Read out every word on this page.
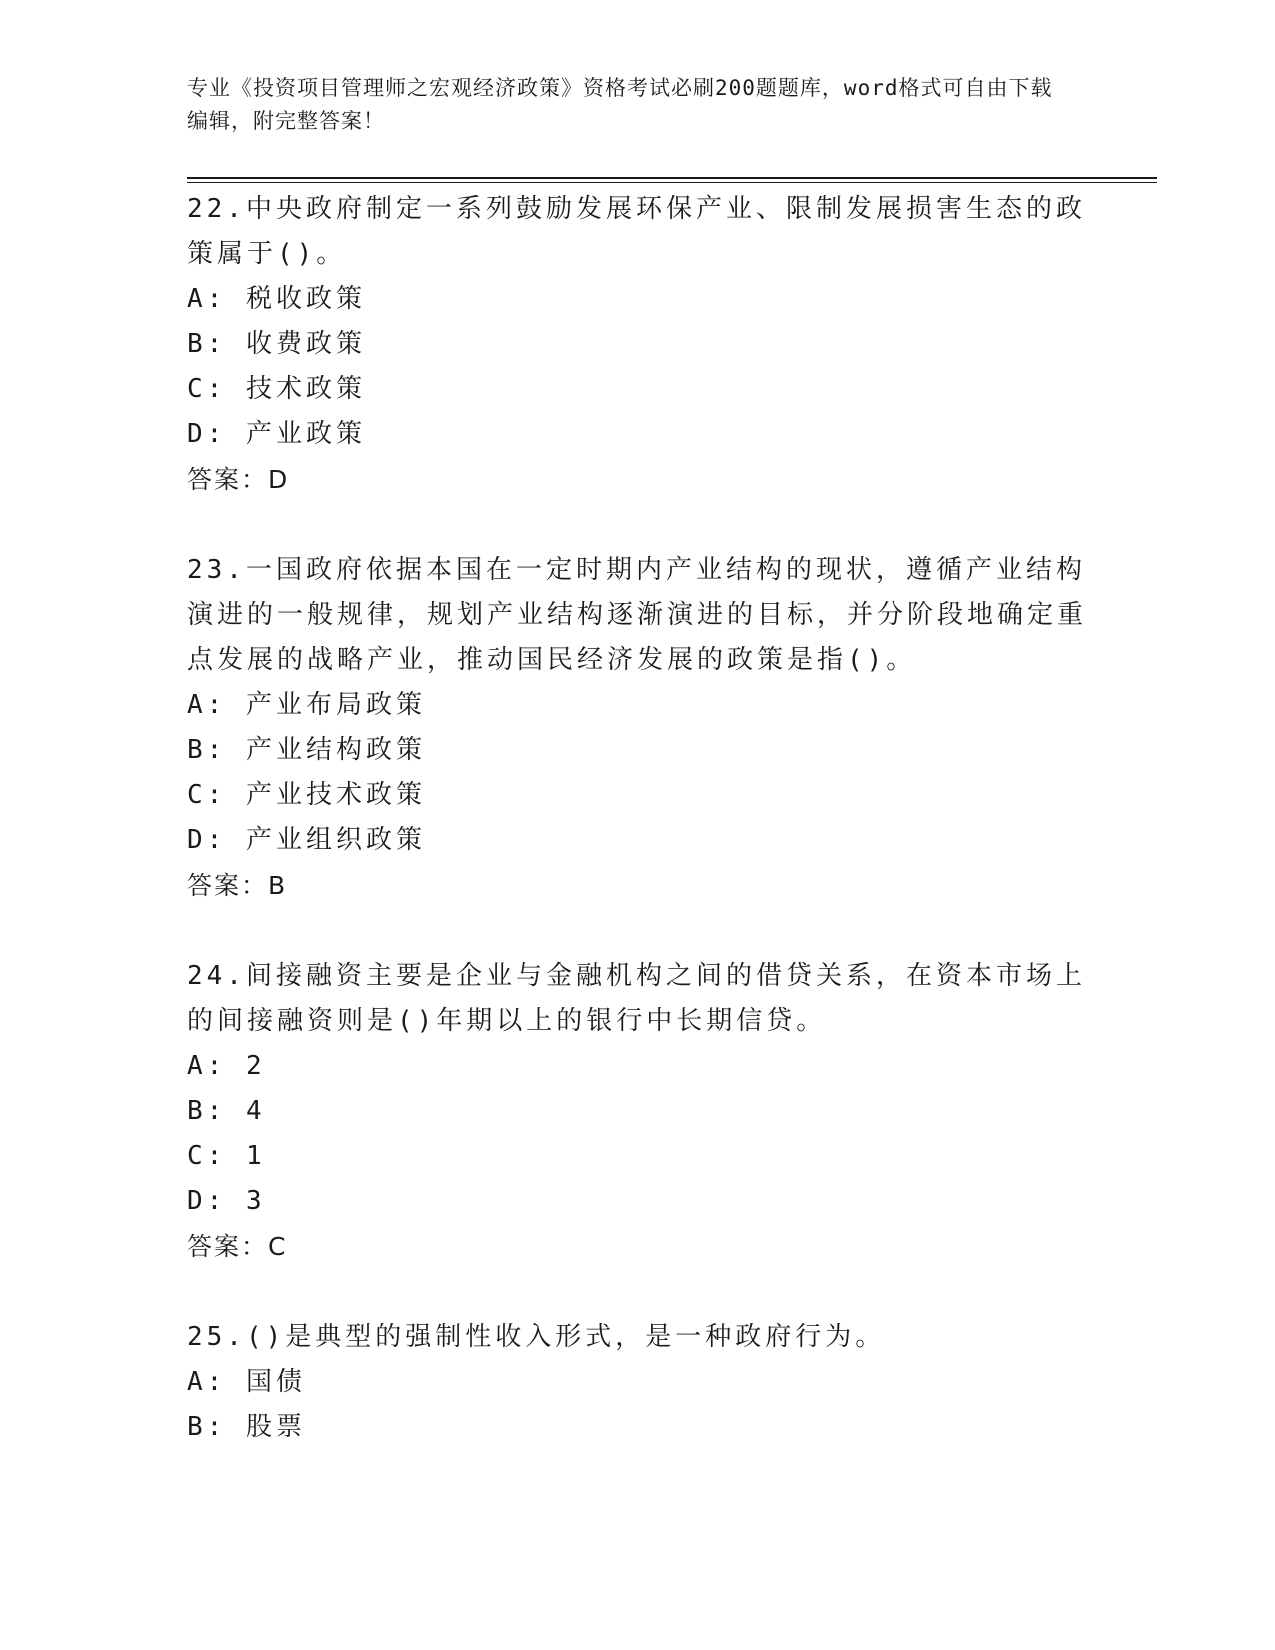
专业《投资项目管理师之宏观经济政策》资格考试必刷200题题库，word格式可自由下载编辑，附完整答案！

22.中央政府制定一系列鼓励发展环保产业、限制发展损害生态的政策属于()。

A: 税收政策
B: 收费政策
C: 技术政策
D: 产业政策
答案：D

23.一国政府依据本国在一定时期内产业结构的现状，遵循产业结构演进的一般规律，规划产业结构逐渐演进的目标，并分阶段地确定重点发展的战略产业，推动国民经济发展的政策是指()。

A: 产业布局政策
B: 产业结构政策
C: 产业技术政策
D: 产业组织政策
答案：B

24.间接融资主要是企业与金融机构之间的借贷关系，在资本市场上的间接融资则是()年期以上的银行中长期信贷。

A: 2
B: 4
C: 1
D: 3
答案：C

25.()是典型的强制性收入形式，是一种政府行为。

A: 国债
B: 股票
